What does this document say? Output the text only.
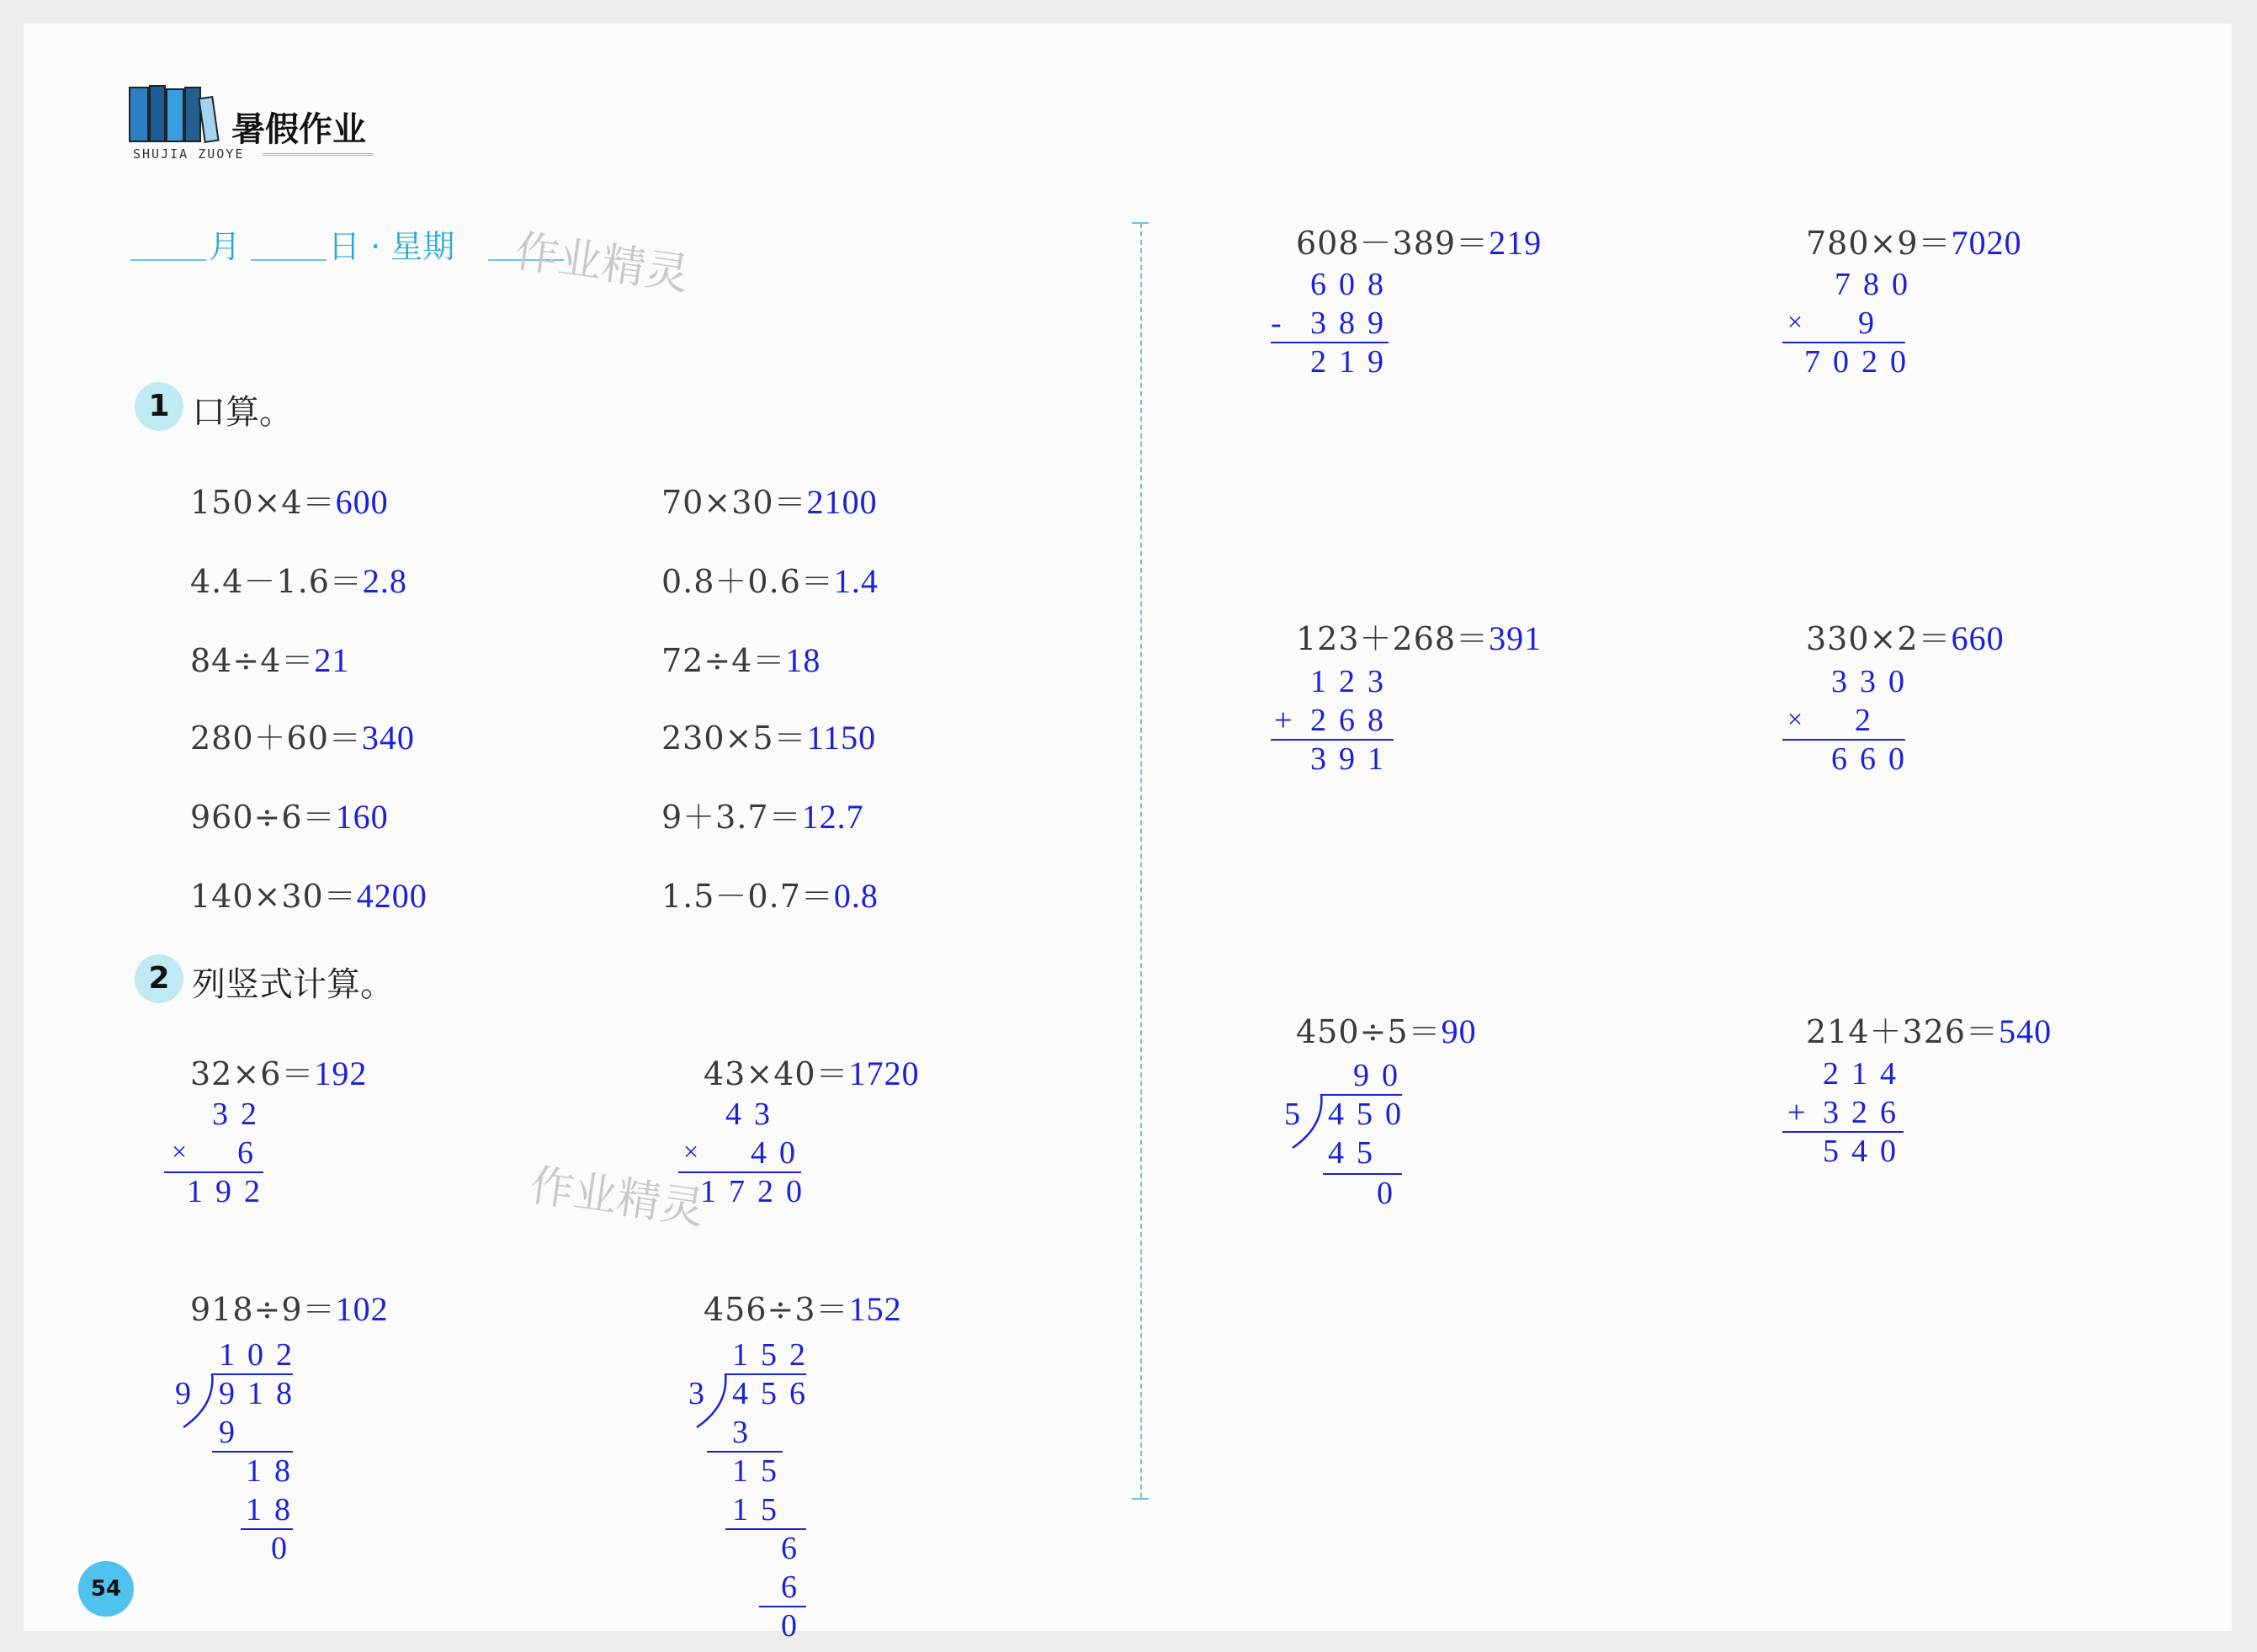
暑假作业
SHUJIA ZUOYE
月	日 · 星期 作业精灵
1 口算。
150×4＝600	70×30＝2100
4.4－1.6＝2.8	0.8＋0.6＝1.4
84÷4＝21	72÷4＝18
280＋60＝340	230×5＝1150
960÷6＝160	9＋3.7＝12.7
140×30＝4200	1.5－0.7＝0.8
2 列竖式计算。
32×6＝192	43×40＝1720
918÷9＝102	456÷3＝152
608－389＝219	780×9＝7020
123＋268＝391	330×2＝660
450÷5＝90	214＋326＝540
32
× 6
192
43
× 40
1720
作业精灵
102
9 918
9
18
18
0
152
3 456
3
15
15
6
6
0
608
- 389
219
780
× 9
7020
123
+ 268
391
330
× 2
660
90
5 450
45
0
214
+ 326
540
54
